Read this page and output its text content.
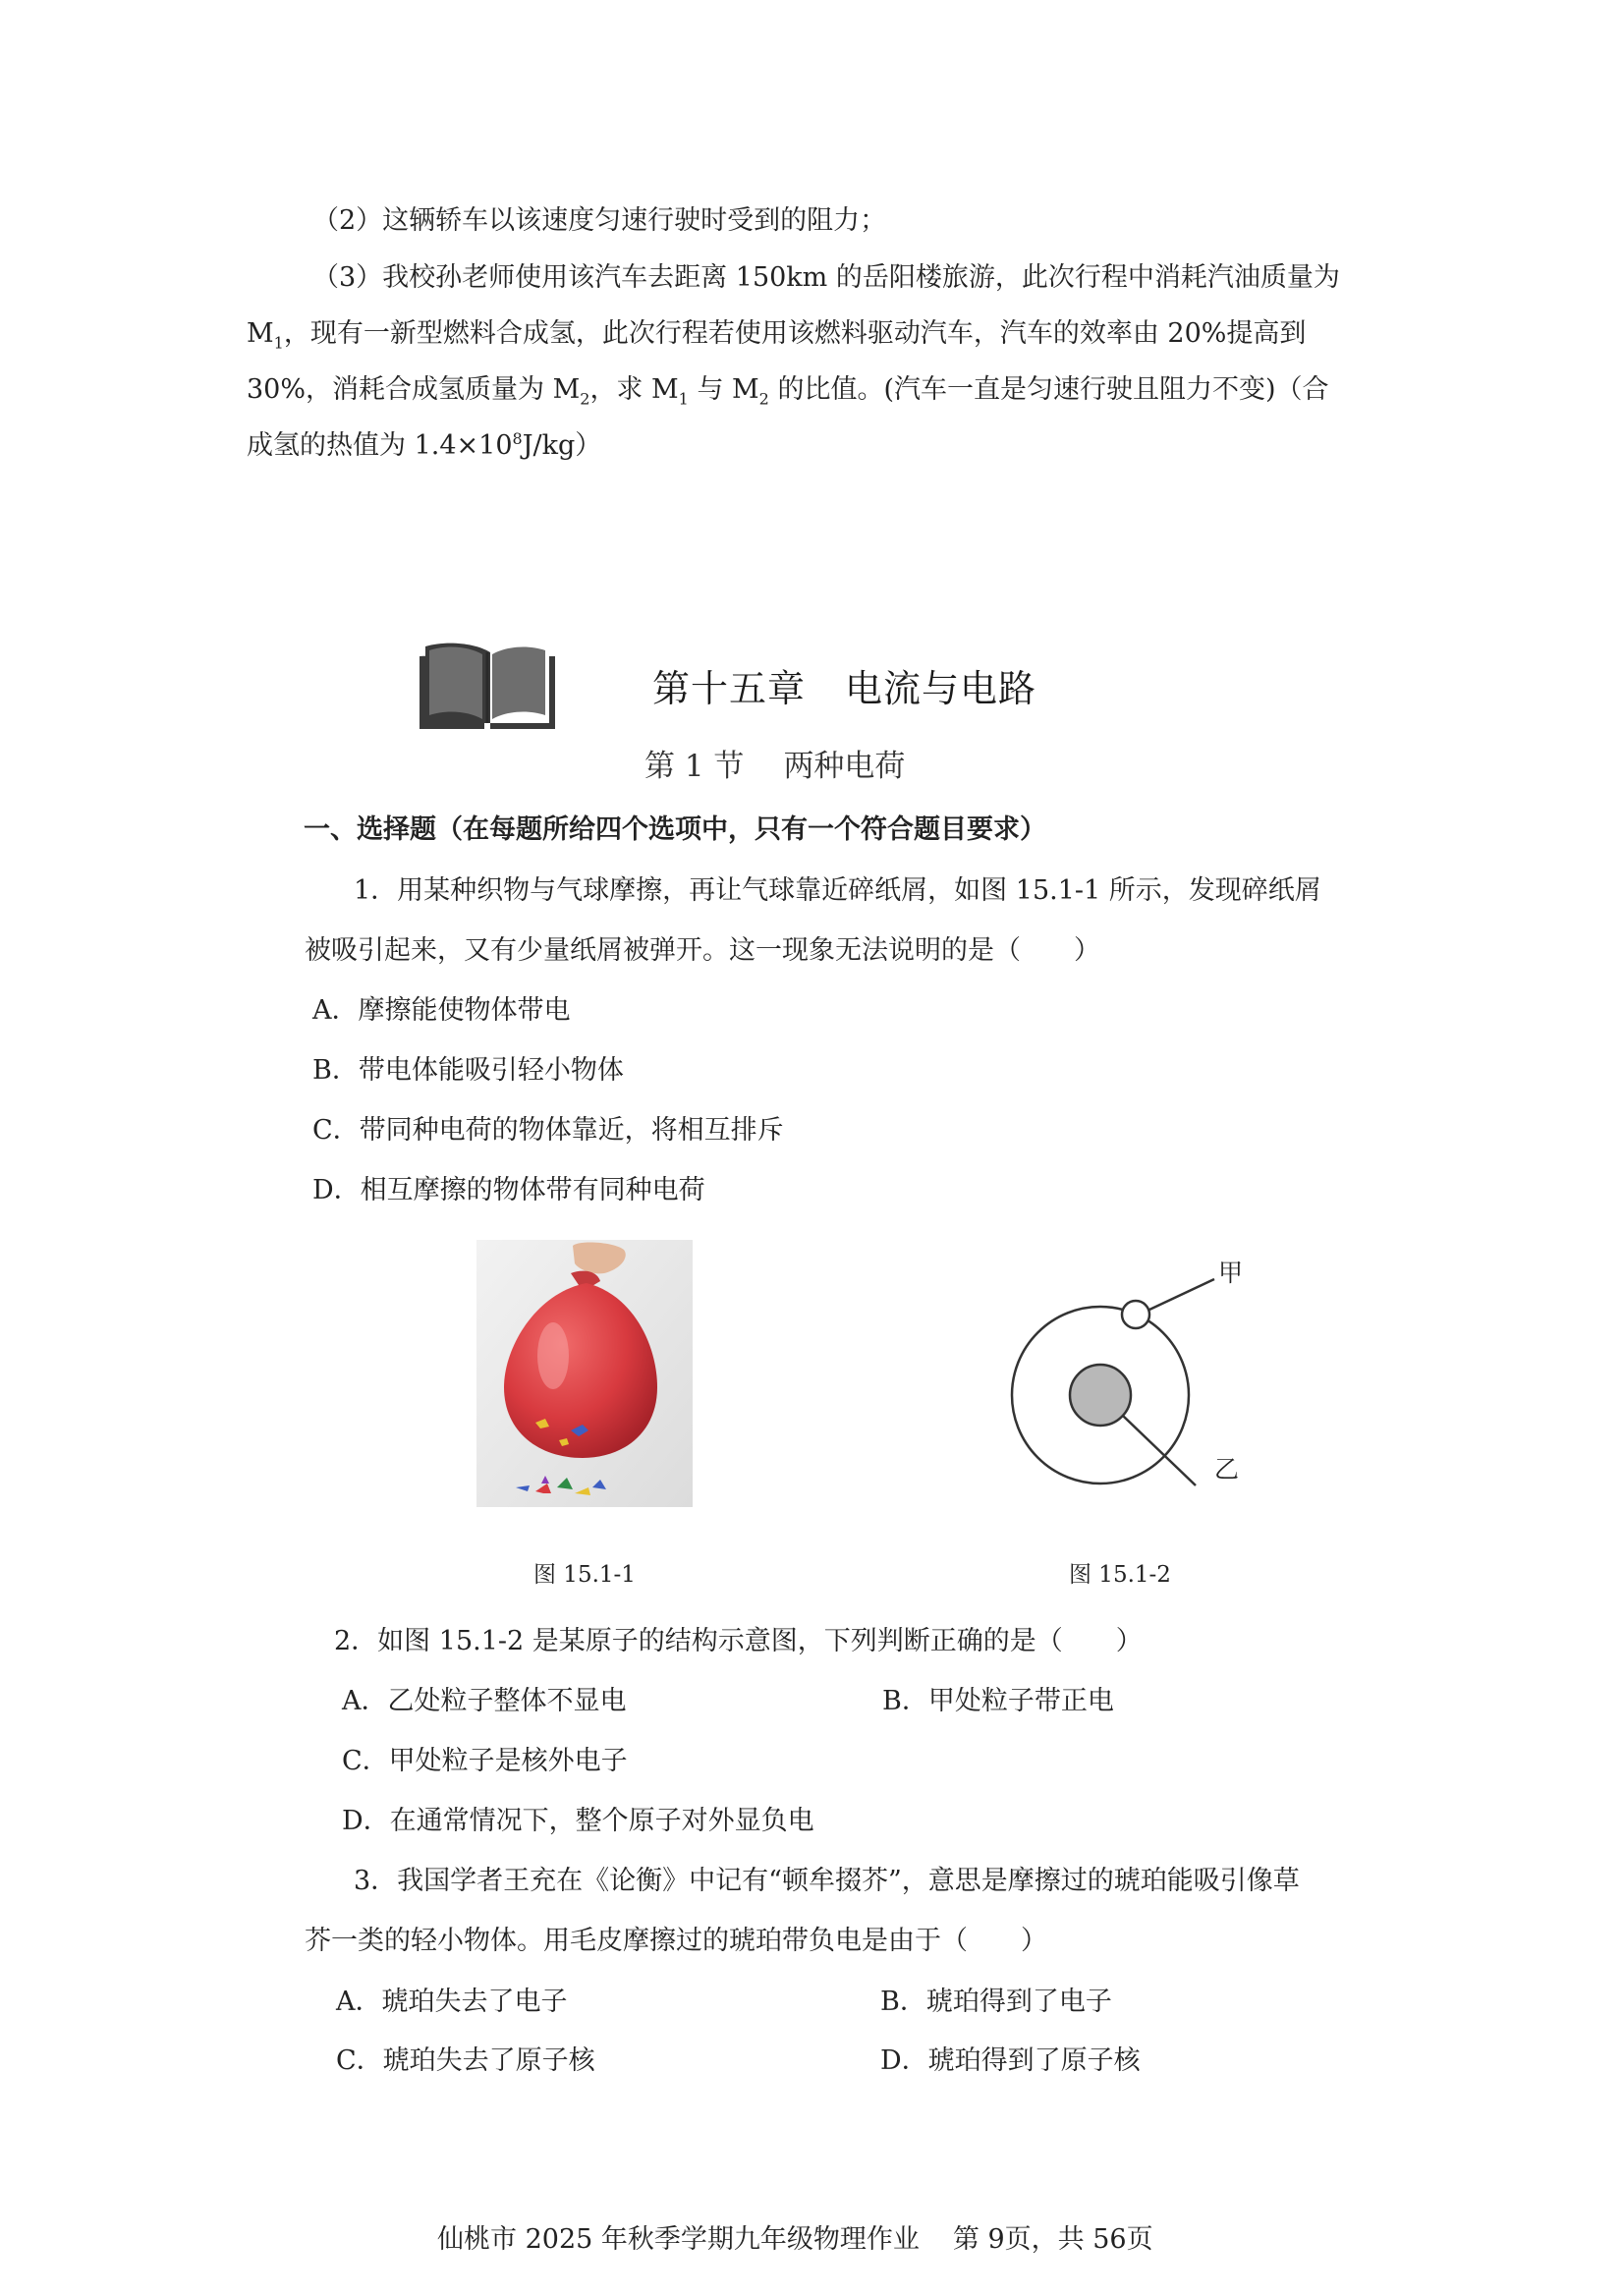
（2）这辆轿车以该速度匀速行驶时受到的阻力；
（3）我校孙老师使用该汽车去距离 150km 的岳阳楼旅游，此次行程中消耗汽油质量为
$M_1$，现有一新型燃料合成氢，此次行程若使用该燃料驱动汽车，汽车的效率由 20%提高到
30%，消耗合成氢质量为 $M_2$，求 $M_1$ 与 $M_2$ 的比值。(汽车一直是匀速行驶且阻力不变)（合
成氢的热值为 $1.4\times 10^8J/kg$）
第十五章 电流与电路
第 1 节 两种电荷
一、选择题（在每题所给四个选项中，只有一个符合题目要求）
1．用某种织物与气球摩擦，再让气球靠近碎纸屑，如图 15.1-1 所示，发现碎纸屑
被吸引起来，又有少量纸屑被弹开。这一现象无法说明的是（　　）
A．摩擦能使物体带电
B．带电体能吸引轻小物体
C．带同种电荷的物体靠近，将相互排斥
D．相互摩擦的物体带有同种电荷
图 15.1-1
甲
乙
图 15.1-2
2．如图 15.1-2 是某原子的结构示意图，下列判断正确的是（　　）
A．乙处粒子整体不显电	B．甲处粒子带正电
C．甲处粒子是核外电子
D．在通常情况下，整个原子对外显负电
3．我国学者王充在《论衡》中记有“顿牟掇芥”，意思是摩擦过的琥珀能吸引像草
芥一类的轻小物体。用毛皮摩擦过的琥珀带负电是由于（　　）
A．琥珀失去了电子	B．琥珀得到了电子
C．琥珀失去了原子核	D．琥珀得到了原子核
仙桃市 2025 年秋季学期九年级物理作业 第 9页，共 56页
